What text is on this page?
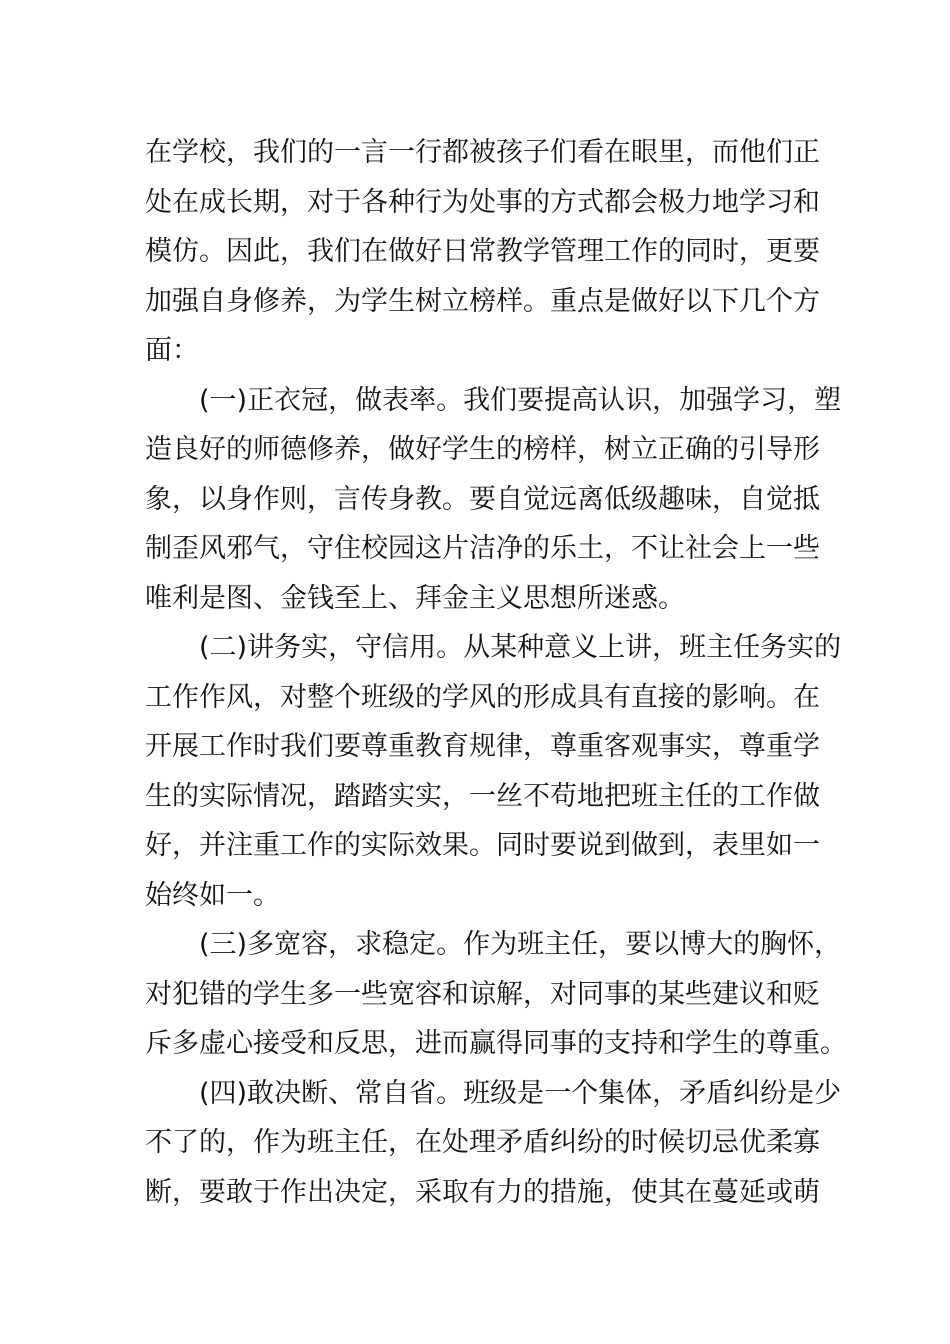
在学校，我们的一言一行都被孩子们看在眼里，而他们正
处在成长期，对于各种行为处事的方式都会极力地学习和
模仿。因此，我们在做好日常教学管理工作的同时，更要
加强自身修养，为学生树立榜样。重点是做好以下几个方
面：
(一)正衣冠，做表率。我们要提高认识，加强学习，塑
造良好的师德修养，做好学生的榜样，树立正确的引导形
象，以身作则，言传身教。要自觉远离低级趣味，自觉抵
制歪风邪气，守住校园这片洁净的乐土，不让社会上一些
唯利是图、金钱至上、拜金主义思想所迷惑。
(二)讲务实，守信用。从某种意义上讲，班主任务实的
工作作风，对整个班级的学风的形成具有直接的影响。在
开展工作时我们要尊重教育规律，尊重客观事实，尊重学
生的实际情况，踏踏实实，一丝不苟地把班主任的工作做
好，并注重工作的实际效果。同时要说到做到，表里如一
始终如一。
(三)多宽容，求稳定。作为班主任，要以博大的胸怀，
对犯错的学生多一些宽容和谅解，对同事的某些建议和贬
斥多虚心接受和反思，进而赢得同事的支持和学生的尊重。
(四)敢决断、常自省。班级是一个集体，矛盾纠纷是少
不了的，作为班主任，在处理矛盾纠纷的时候切忌优柔寡
断，要敢于作出决定，采取有力的措施，使其在蔓延或萌
